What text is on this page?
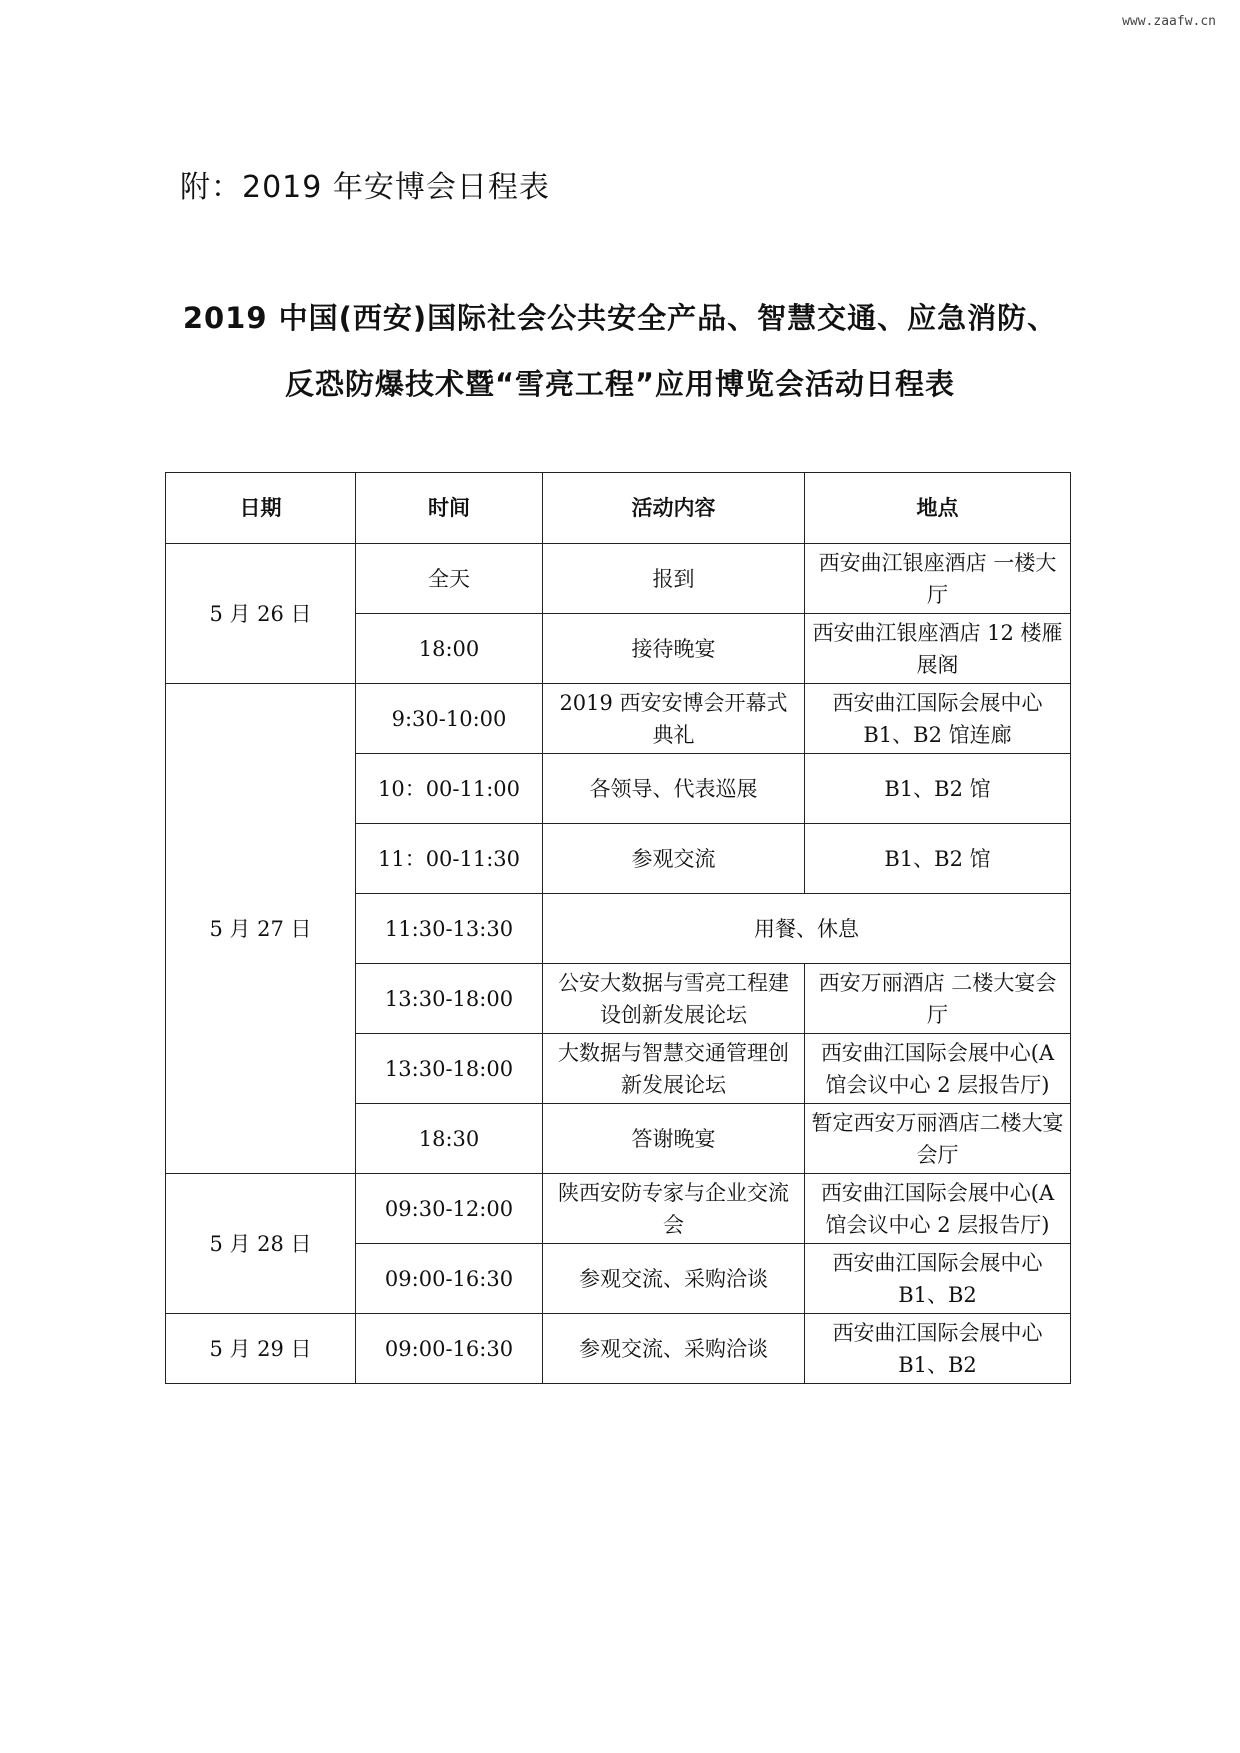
www.zaafw.cn
附：2019 年安博会日程表
2019 中国(西安)国际社会公共安全产品、智慧交通、应急消防、
反恐防爆技术暨“雪亮工程”应用博览会活动日程表
日期	时间	活动内容	地点
5 月 26 日	全天	报到	西安曲江银座酒店 一楼大厅
	18:00	接待晚宴	西安曲江银座酒店 12 楼雁展阁
5 月 27 日	9:30-10:00	2019 西安安博会开幕式典礼	西安曲江国际会展中心 B1、B2 馆连廊
	10：00-11:00	各领导、代表巡展	B1、B2 馆
	11：00-11:30	参观交流	B1、B2 馆
	11:30-13:30	用餐、休息	
	13:30-18:00	公安大数据与雪亮工程建设创新发展论坛	西安万丽酒店 二楼大宴会厅
	13:30-18:00	大数据与智慧交通管理创新发展论坛	西安曲江国际会展中心(A 馆会议中心 2 层报告厅)
	18:30	答谢晚宴	暂定西安万丽酒店二楼大宴会厅
5 月 28 日	09:30-12:00	陕西安防专家与企业交流会	西安曲江国际会展中心(A 馆会议中心 2 层报告厅)
	09:00-16:30	参观交流、采购洽谈	西安曲江国际会展中心 B1、B2
5 月 29 日	09:00-16:30	参观交流、采购洽谈	西安曲江国际会展中心 B1、B2
